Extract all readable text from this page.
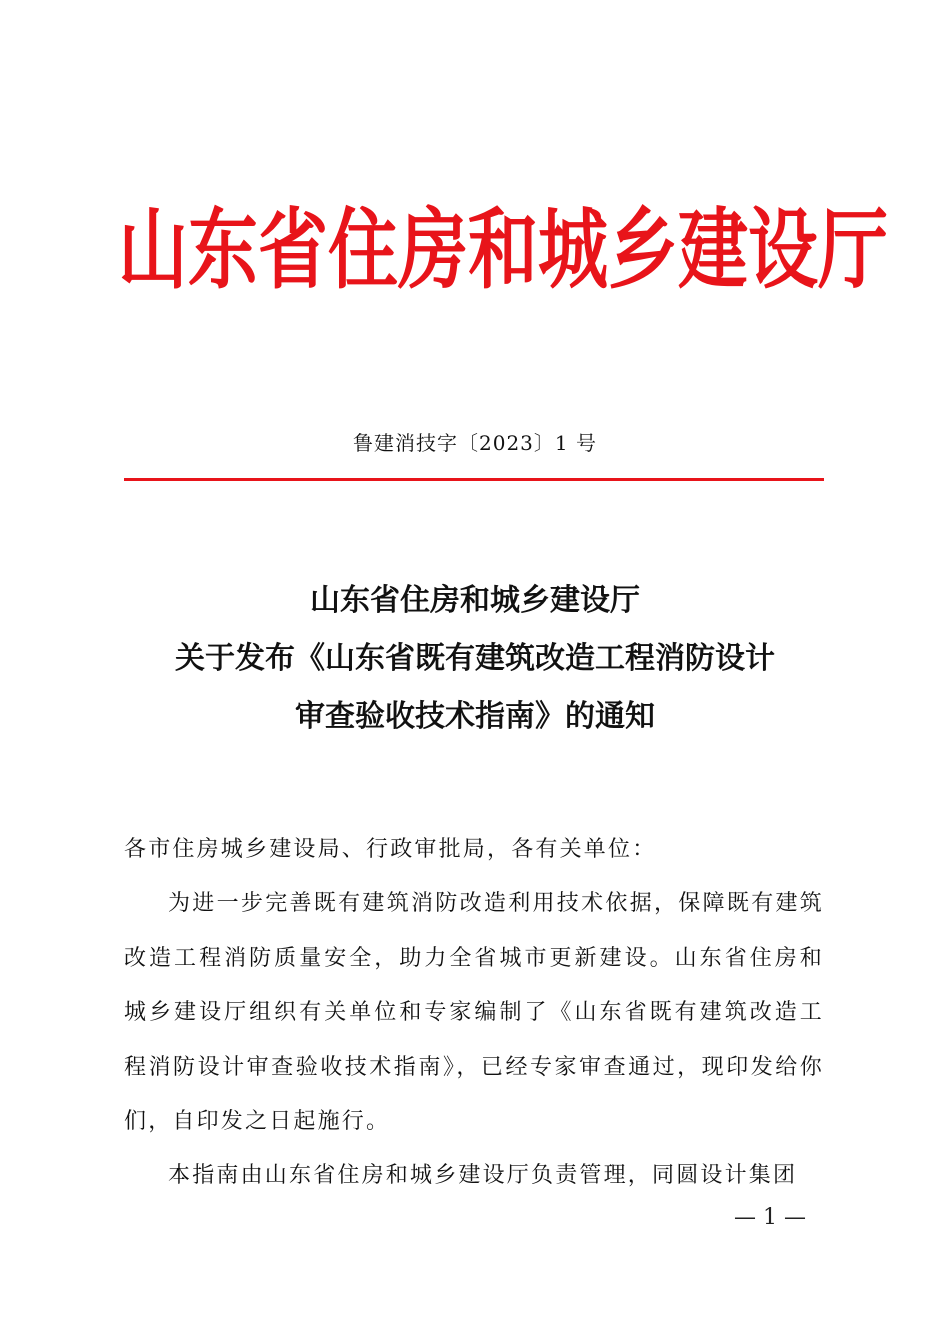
山东省住房和城乡建设厅
鲁建消技字〔2023〕1 号
山东省住房和城乡建设厅
关于发布《山东省既有建筑改造工程消防设计
审查验收技术指南》的通知
各市住房城乡建设局、行政审批局，各有关单位：

为进一步完善既有建筑消防改造利用技术依据，保障既有建筑改造工程消防质量安全，助力全省城市更新建设。山东省住房和城乡建设厅组织有关单位和专家编制了《山东省既有建筑改造工程消防设计审查验收技术指南》，已经专家审查通过，现印发给你们，自印发之日起施行。

本指南由山东省住房和城乡建设厅负责管理，同圆设计集团

— 1 —
